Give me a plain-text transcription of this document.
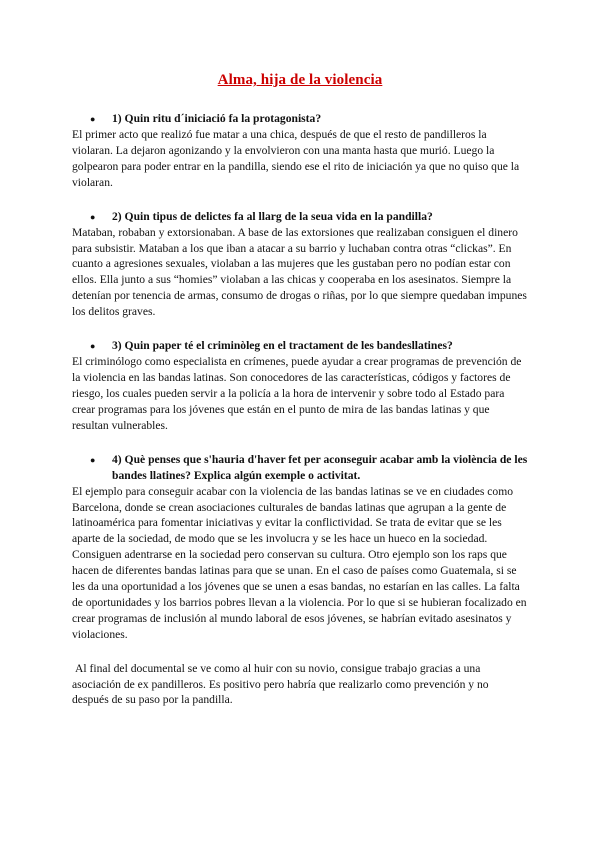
Alma, hija de la violencia
●	1) Quin ritu d´iniciació fa la protagonista?

El primer acto que realizó fue matar a una chica, después de que el resto de pandilleros la violaran. La dejaron agonizando y la envolvieron con una manta hasta que murió. Luego la golpearon para poder entrar en la pandilla, siendo ese el rito de iniciación ya que no quiso que la violaran.

●	2) Quin tipus de delictes fa al llarg de la seua vida en la pandilla?

Mataban, robaban y extorsionaban. A base de las extorsiones que realizaban consiguen el dinero para subsistir. Mataban a los que iban a atacar a su barrio y luchaban contra otras “clickas”. En cuanto a agresiones sexuales, violaban a las mujeres que les gustaban pero no podían estar con ellos. Ella junto a sus “homies” violaban a las chicas y cooperaba en los asesinatos. Siempre la detenían por tenencia de armas, consumo de drogas o riñas, por lo que siempre quedaban impunes los delitos graves.

●	3) Quin paper té el criminòleg en el tractament de les bandesllatines?

El criminólogo como especialista en crímenes, puede ayudar a crear programas de prevención de la violencia en las bandas latinas. Son conocedores de las características, códigos y factores de riesgo, los cuales pueden servir a la policía a la hora de intervenir y sobre todo al Estado para crear programas para los jóvenes que están en el punto de mira de las bandas latinas y que resultan vulnerables.

●	4) Què penses que s'hauria d'haver fet per aconseguir acabar amb la violència de les bandes llatines? Explica algún exemple o activitat.

El ejemplo para conseguir acabar con la violencia de las bandas latinas se ve en ciudades como Barcelona, donde se crean asociaciones culturales de bandas latinas que agrupan a la gente de latinoamérica para fomentar iniciativas y evitar la conflictividad. Se trata de evitar que se les aparte de la sociedad, de modo que se les involucra y se les hace un hueco en la sociedad. Consiguen adentrarse en la sociedad pero conservan su cultura. Otro ejemplo son los raps que hacen de diferentes bandas latinas para que se unan. En el caso de países como Guatemala, si se les da una oportunidad a los jóvenes que se unen a esas bandas, no estarían en las calles. La falta de oportunidades y los barrios pobres llevan a la violencia. Por lo que si se hubieran focalizado en crear programas de inclusión al mundo laboral de esos jóvenes, se habrían evitado asesinatos y violaciones.

Al final del documental se ve como al huir con su novio, consigue trabajo gracias a una asociación de ex pandilleros. Es positivo pero habría que realizarlo como prevención y no después de su paso por la pandilla.
